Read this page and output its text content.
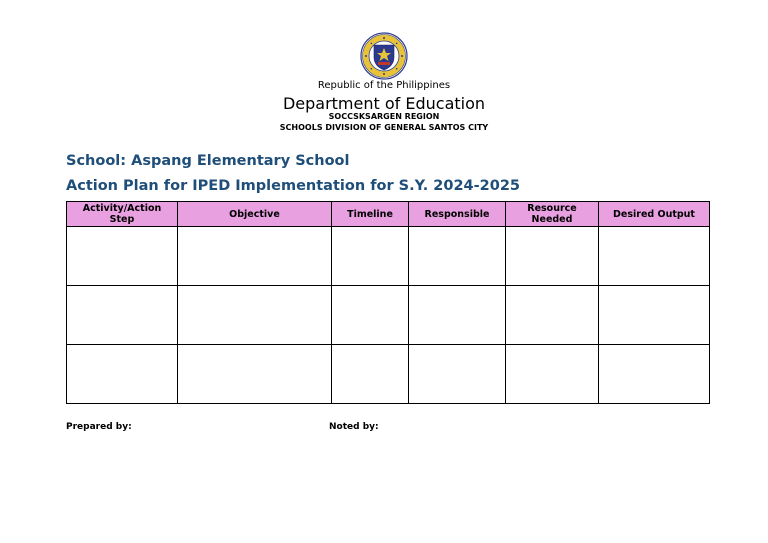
Republic of the Philippines
Department of Education
SOCCSKSARGEN REGION
SCHOOLS DIVISION OF GENERAL SANTOS CITY
School: Aspang Elementary School
Action Plan for IPED Implementation for S.Y. 2024-2025
Activity/Action Step	Objective	Timeline	Responsible	Resource Needed	Desired Output

Prepared by:	Noted by:
